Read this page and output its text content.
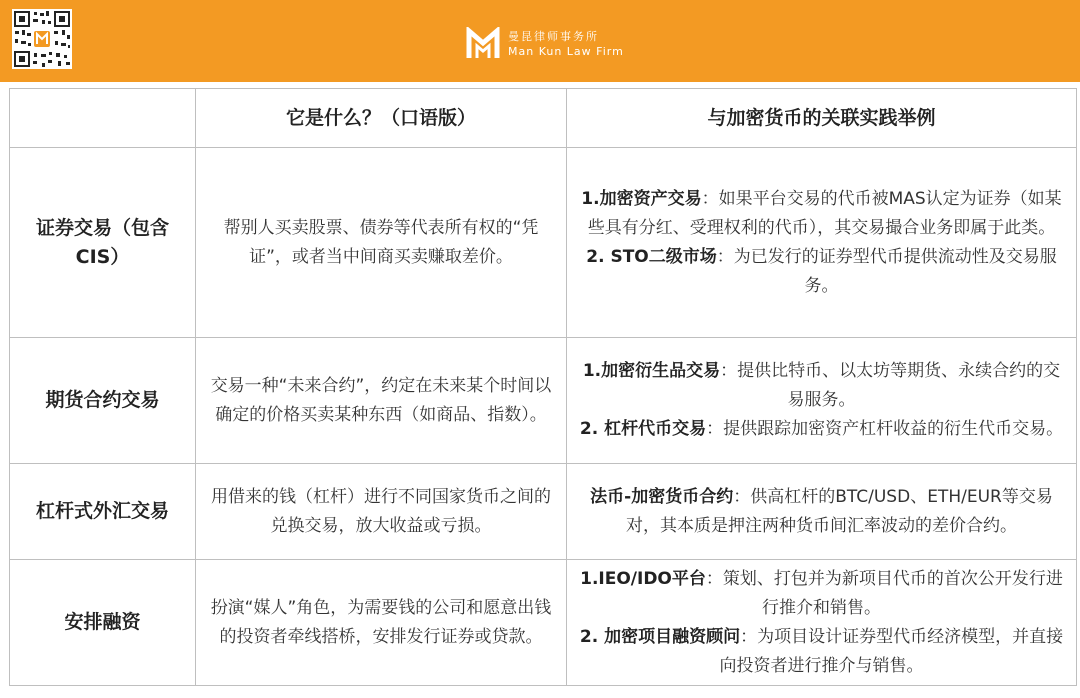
曼昆律师事务所
Man Kun Law Firm
	它是什么？（口语版）	与加密货币的关联实践举例
证券交易（包含CIS）	帮别人买卖股票、债券等代表所有权的“凭证”，或者当中间商买卖赚取差价。	1.加密资产交易：如果平台交易的代币被MAS认定为证券（如某些具有分红、受理权利的代币），其交易撮合业务即属于此类。
2. STO二级市场：为已发行的证券型代币提供流动性及交易服务。

期货合约交易	交易一种“未来合约”，约定在未来某个时间以确定的价格买卖某种东西（如商品、指数）。	1.加密衍生品交易：提供比特币、以太坊等期货、永续合约的交易服务。
2. 杠杆代币交易：提供跟踪加密资产杠杆收益的衍生代币交易。

杠杆式外汇交易	用借来的钱（杠杆）进行不同国家货币之间的兑换交易，放大收益或亏损。	法币-加密货币合约：供高杠杆的BTC/USD、ETH/EUR等交易对，其本质是押注两种货币间汇率波动的差价合约。

安排融资	扮演“媒人”角色，为需要钱的公司和愿意出钱的投资者牵线搭桥，安排发行证券或贷款。	1.IEO/IDO平台：策划、打包并为新项目代币的首次公开发行进行推介和销售。
2. 加密项目融资顾问：为项目设计证券型代币经济模型，并直接向投资者进行推介与销售。
